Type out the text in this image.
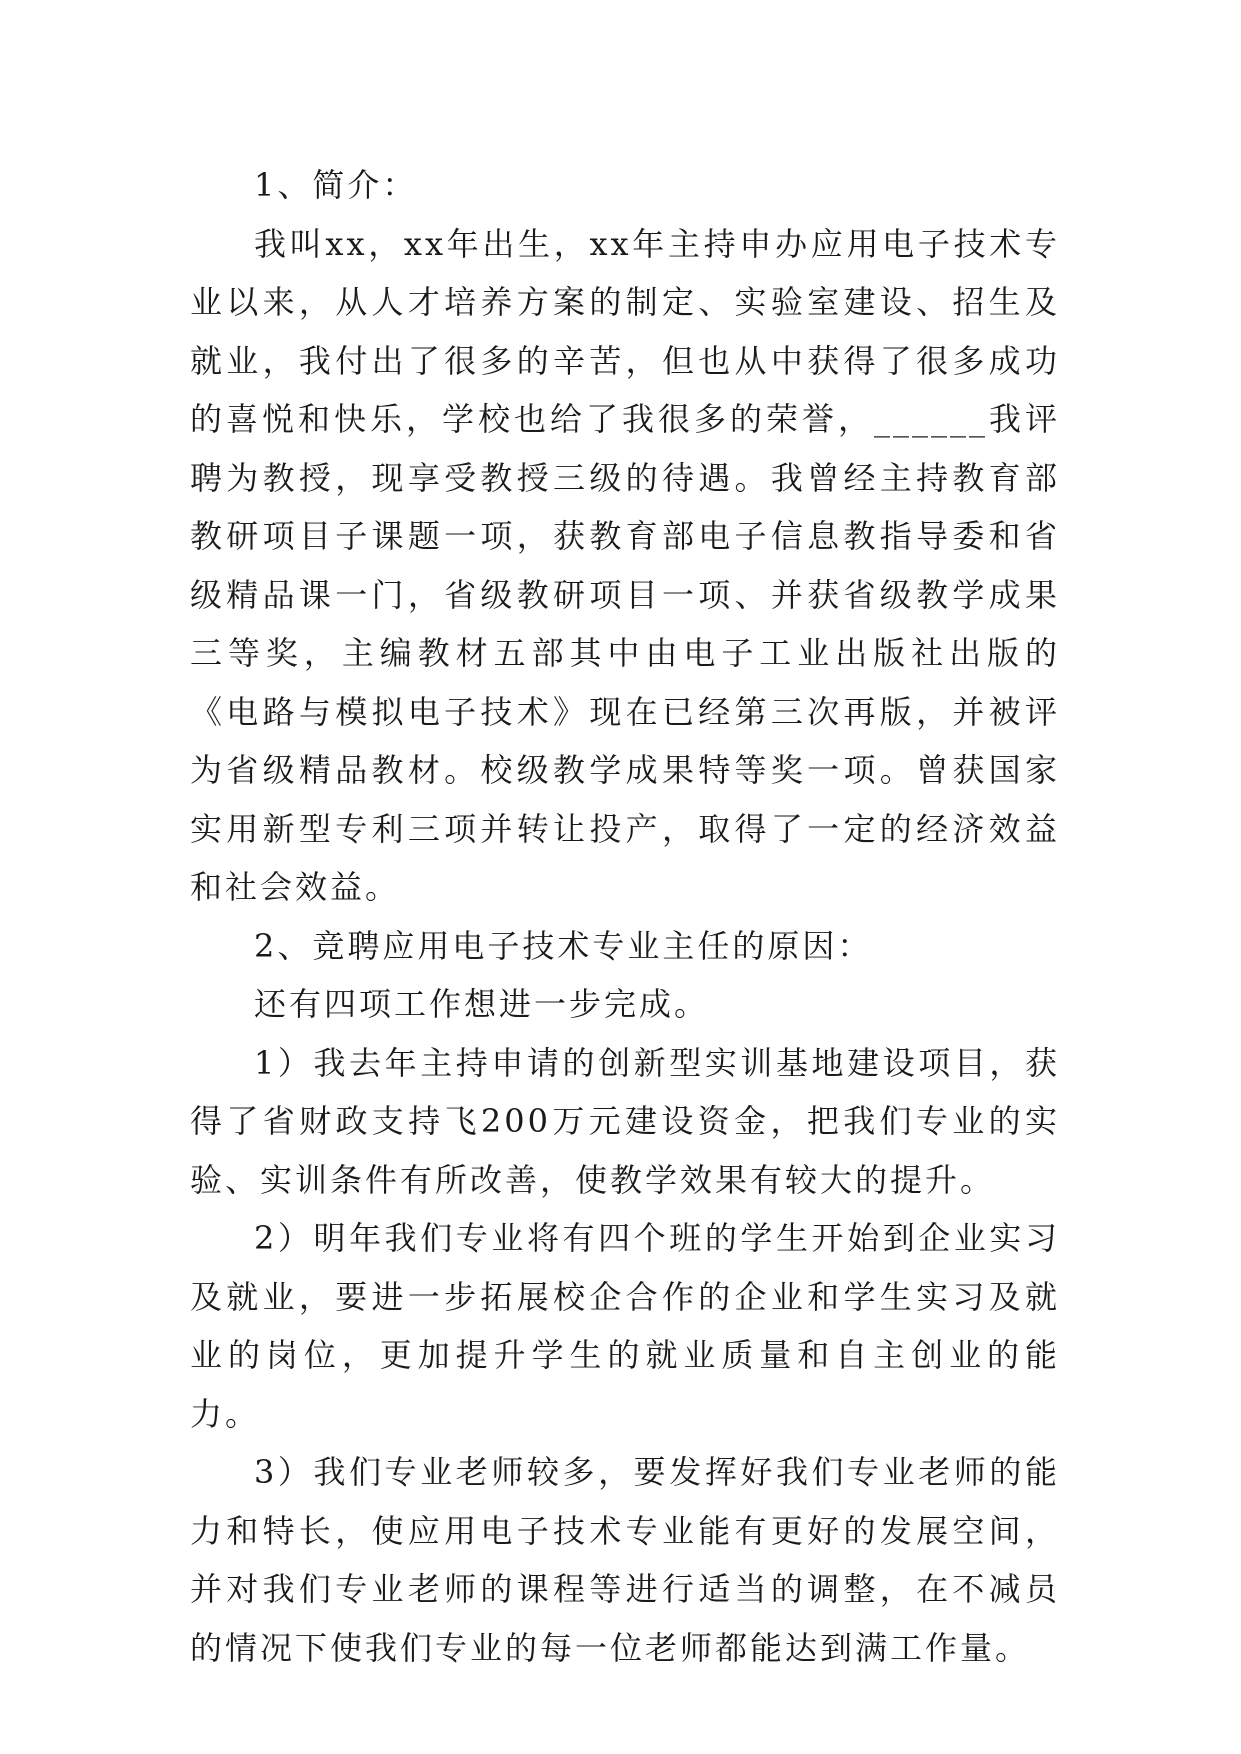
1、简介：

我叫xx，xx年出生，xx年主持申办应用电子技术专业以来，从人才培养方案的制定、实验室建设、招生及就业，我付出了很多的辛苦，但也从中获得了很多成功的喜悦和快乐，学校也给了我很多的荣誉，______我评聘为教授，现享受教授三级的待遇。我曾经主持教育部教研项目子课题一项，获教育部电子信息教指导委和省级精品课一门，省级教研项目一项、并获省级教学成果三等奖，主编教材五部其中由电子工业出版社出版的《电路与模拟电子技术》现在已经第三次再版，并被评为省级精品教材。校级教学成果特等奖一项。曾获国家实用新型专利三项并转让投产，取得了一定的经济效益和社会效益。

2、竞聘应用电子技术专业主任的原因：

还有四项工作想进一步完成。

1）我去年主持申请的创新型实训基地建设项目，获得了省财政支持飞200万元建设资金，把我们专业的实验、实训条件有所改善，使教学效果有较大的提升。

2）明年我们专业将有四个班的学生开始到企业实习及就业，要进一步拓展校企合作的企业和学生实习及就业的岗位，更加提升学生的就业质量和自主创业的能力。

3）我们专业老师较多，要发挥好我们专业老师的能力和特长，使应用电子技术专业能有更好的发展空间，并对我们专业老师的课程等进行适当的调整，在不减员的情况下使我们专业的每一位老师都能达到满工作量。
